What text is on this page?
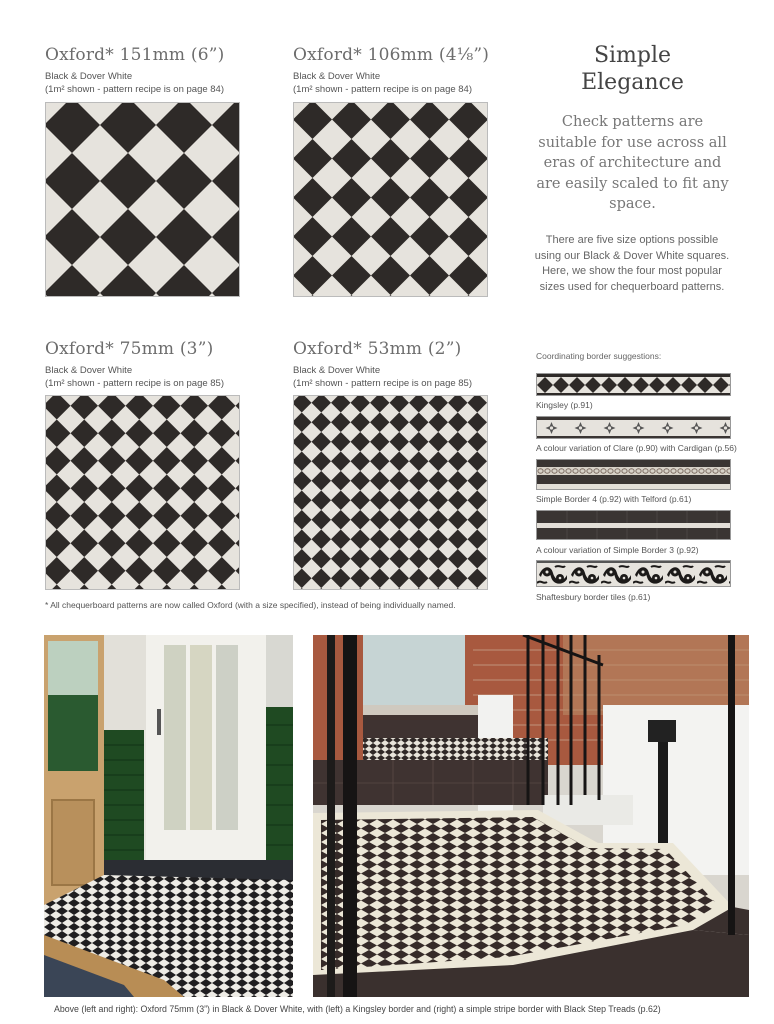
Oxford* 151mm (6”)
Black & Dover White
(1m² shown - pattern recipe is on page 84)
Oxford* 106mm (4⅛”)
Black & Dover White
(1m² shown - pattern recipe is on page 84)
Oxford* 75mm (3”)
Black & Dover White
(1m² shown - pattern recipe is on page 85)
Oxford* 53mm (2”)
Black & Dover White
(1m² shown - pattern recipe is on page 85)
Simple
Elegance
Check patterns are suitable for use across all eras of architecture and are easily scaled to fit any space.
There are five size options possible using our Black & Dover White squares. Here, we show the four most popular sizes used for chequerboard patterns.
Coordinating border suggestions:
Kingsley (p.91)
A colour variation of Clare (p.90) with Cardigan (p.56)
Simple Border 4 (p.92) with Telford (p.61)
A colour variation of Simple Border 3 (p.92)
Shaftesbury border tiles (p.61)
* All chequerboard patterns are now called Oxford (with a size specified), instead of being individually named.
Above (left and right): Oxford 75mm (3”) in Black & Dover White, with (left) a Kingsley border and (right) a simple stripe border with Black Step Treads (p.62)
